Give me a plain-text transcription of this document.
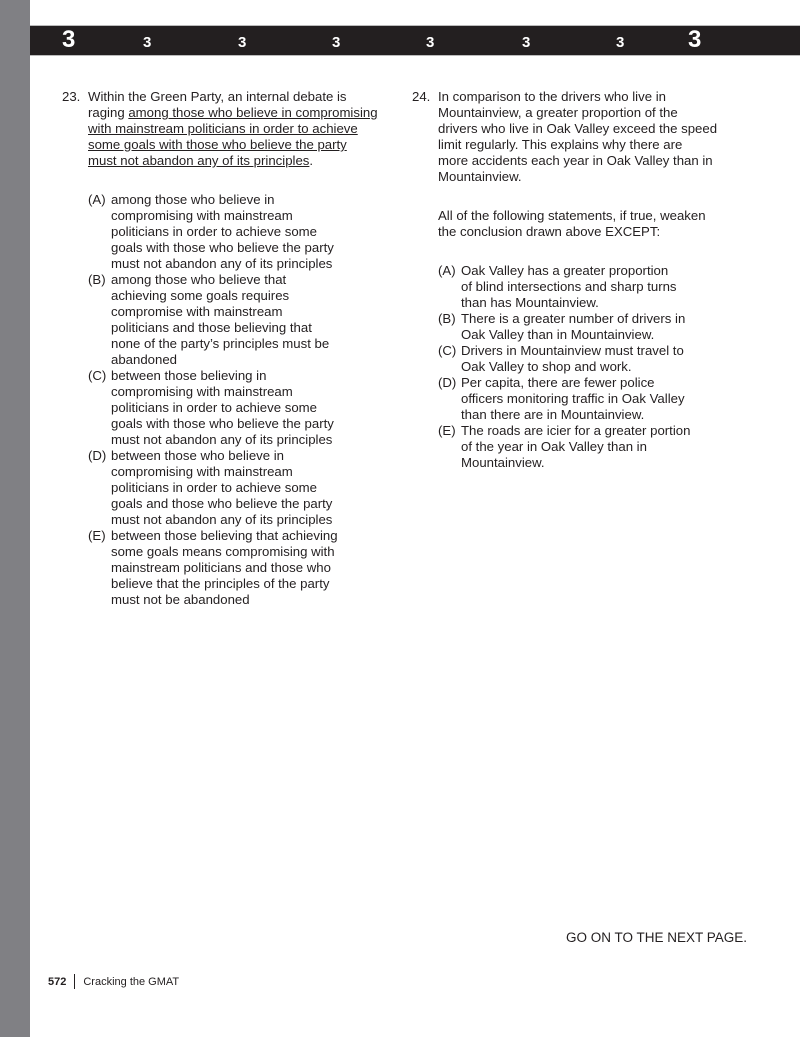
3	3	3	3	3	3	3	3
23. Within the Green Party, an internal debate is
raging among those who believe in compromising
with mainstream politicians in order to achieve
some goals with those who believe the party
must not abandon any of its principles.
(A) among those who believe in
compromising with mainstream
politicians in order to achieve some
goals with those who believe the party
must not abandon any of its principles
(B) among those who believe that
achieving some goals requires
compromise with mainstream
politicians and those believing that
none of the party’s principles must be
abandoned
(C) between those believing in
compromising with mainstream
politicians in order to achieve some
goals with those who believe the party
must not abandon any of its principles
(D) between those who believe in
compromising with mainstream
politicians in order to achieve some
goals and those who believe the party
must not abandon any of its principles
(E) between those believing that achieving
some goals means compromising with
mainstream politicians and those who
believe that the principles of the party
must not be abandoned
24. In comparison to the drivers who live in
Mountainview, a greater proportion of the
drivers who live in Oak Valley exceed the speed
limit regularly. This explains why there are
more accidents each year in Oak Valley than in
Mountainview.
All of the following statements, if true, weaken
the conclusion drawn above EXCEPT:
(A) Oak Valley has a greater proportion
of blind intersections and sharp turns
than has Mountainview.
(B) There is a greater number of drivers in
Oak Valley than in Mountainview.
(C) Drivers in Mountainview must travel to
Oak Valley to shop and work.
(D) Per capita, there are fewer police
officers monitoring traffic in Oak Valley
than there are in Mountainview.
(E) The roads are icier for a greater portion
of the year in Oak Valley than in
Mountainview.
GO ON TO THE NEXT PAGE.
572 Cracking the GMAT
